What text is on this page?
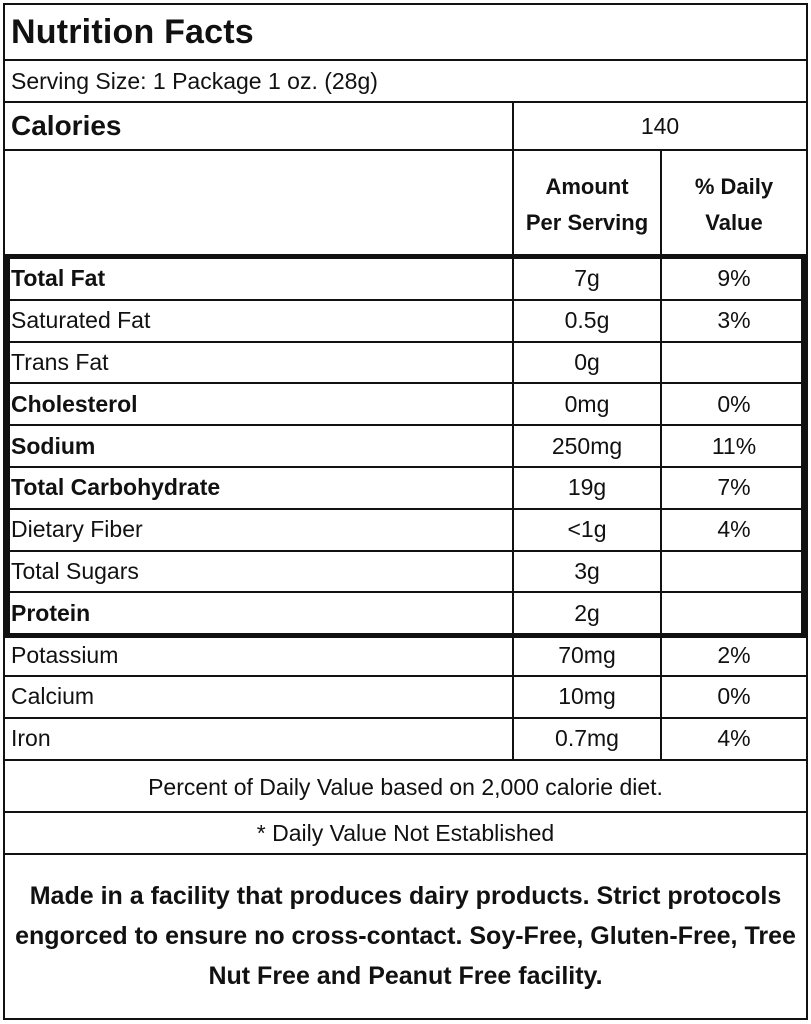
Nutrition Facts
Serving Size: 1 Package 1 oz. (28g)
Calories	140
Amount
Per Serving
% Daily
Value
Total Fat	7g	9%
Saturated Fat	0.5g	3%
Trans Fat	0g
Cholesterol	0mg	0%
Sodium	250mg	11%
Total Carbohydrate	19g	7%
Dietary Fiber	<1g	4%
Total Sugars	3g
Protein	2g
Potassium	70mg	2%
Calcium	10mg	0%
Iron	0.7mg	4%
Percent of Daily Value based on 2,000 calorie diet.
* Daily Value Not Established
Made in a facility that produces dairy products. Strict protocols engorced to ensure no cross-contact. Soy-Free, Gluten-Free, Tree Nut Free and Peanut Free facility.
